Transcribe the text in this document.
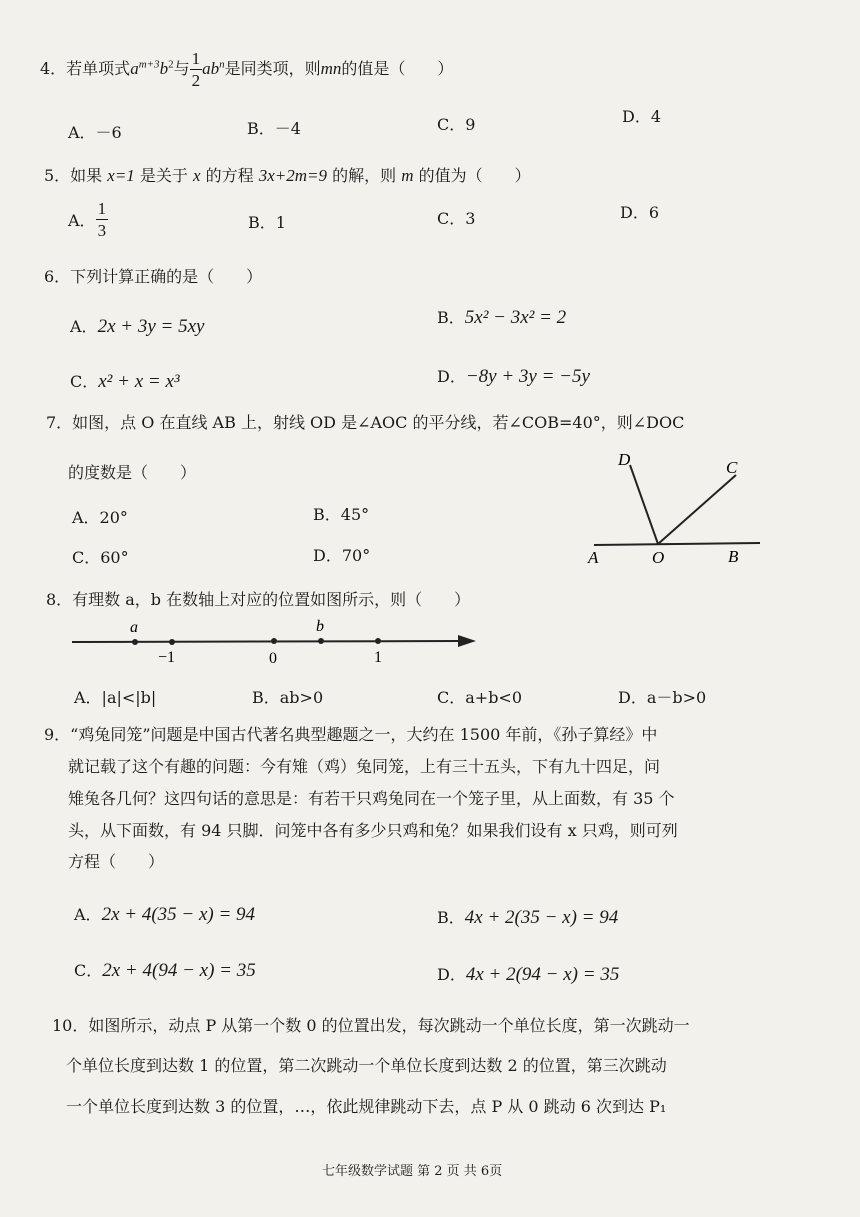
4．若单项式$a^{m+3}b^2$与 $\frac{1}{2} ab^n$是同类项，则mn的值是（　　）
A．－6	B．－4	C．9	D．4
5．如果 x=1 是关于 x 的方程 3x+2m=9 的解，则 m 的值为（　　）
A． $\frac{1}{3}$	B．1	C．3	D．6
6．下列计算正确的是（　　）
A．2x + 3y = 5xy	B．5x² − 3x² = 2
C．x² + x = x³	D．−8y + 3y = −5y
7．如图，点 O 在直线 AB 上，射线 OD 是∠AOC 的平分线，若∠COB=40°，则∠DOC
的度数是（　　）
A．20°	B．45°
C．60°	D．70°
D	C
A	O	B
8．有理数 a，b 在数轴上对应的位置如图所示，则（　　）
a	b
−1	0	1
A．|a|<|b|	B．ab>0	C．a+b<0	D．a－b>0
9．“鸡兔同笼”问题是中国古代著名典型趣题之一，大约在 1500 年前，《孙子算经》中
就记载了这个有趣的问题：今有雉（鸡）兔同笼，上有三十五头，下有九十四足，问
雉兔各几何？这四句话的意思是：有若干只鸡兔同在一个笼子里，从上面数，有 35 个
头，从下面数，有 94 只脚．问笼中各有多少只鸡和兔？如果我们设有 x 只鸡，则可列
方程（　　）
A．2x + 4(35 − x) = 94	B．4x + 2(35 − x) = 94
C．2x + 4(94 − x) = 35	D．4x + 2(94 − x) = 35
10．如图所示，动点 P 从第一个数 0 的位置出发，每次跳动一个单位长度，第一次跳动一
个单位长度到达数 1 的位置，第二次跳动一个单位长度到达数 2 的位置，第三次跳动
一个单位长度到达数 3 的位置，…，依此规律跳动下去，点 P 从 0 跳动 6 次到达 P₁
七年级数学试题 第 2 页 共 6页
